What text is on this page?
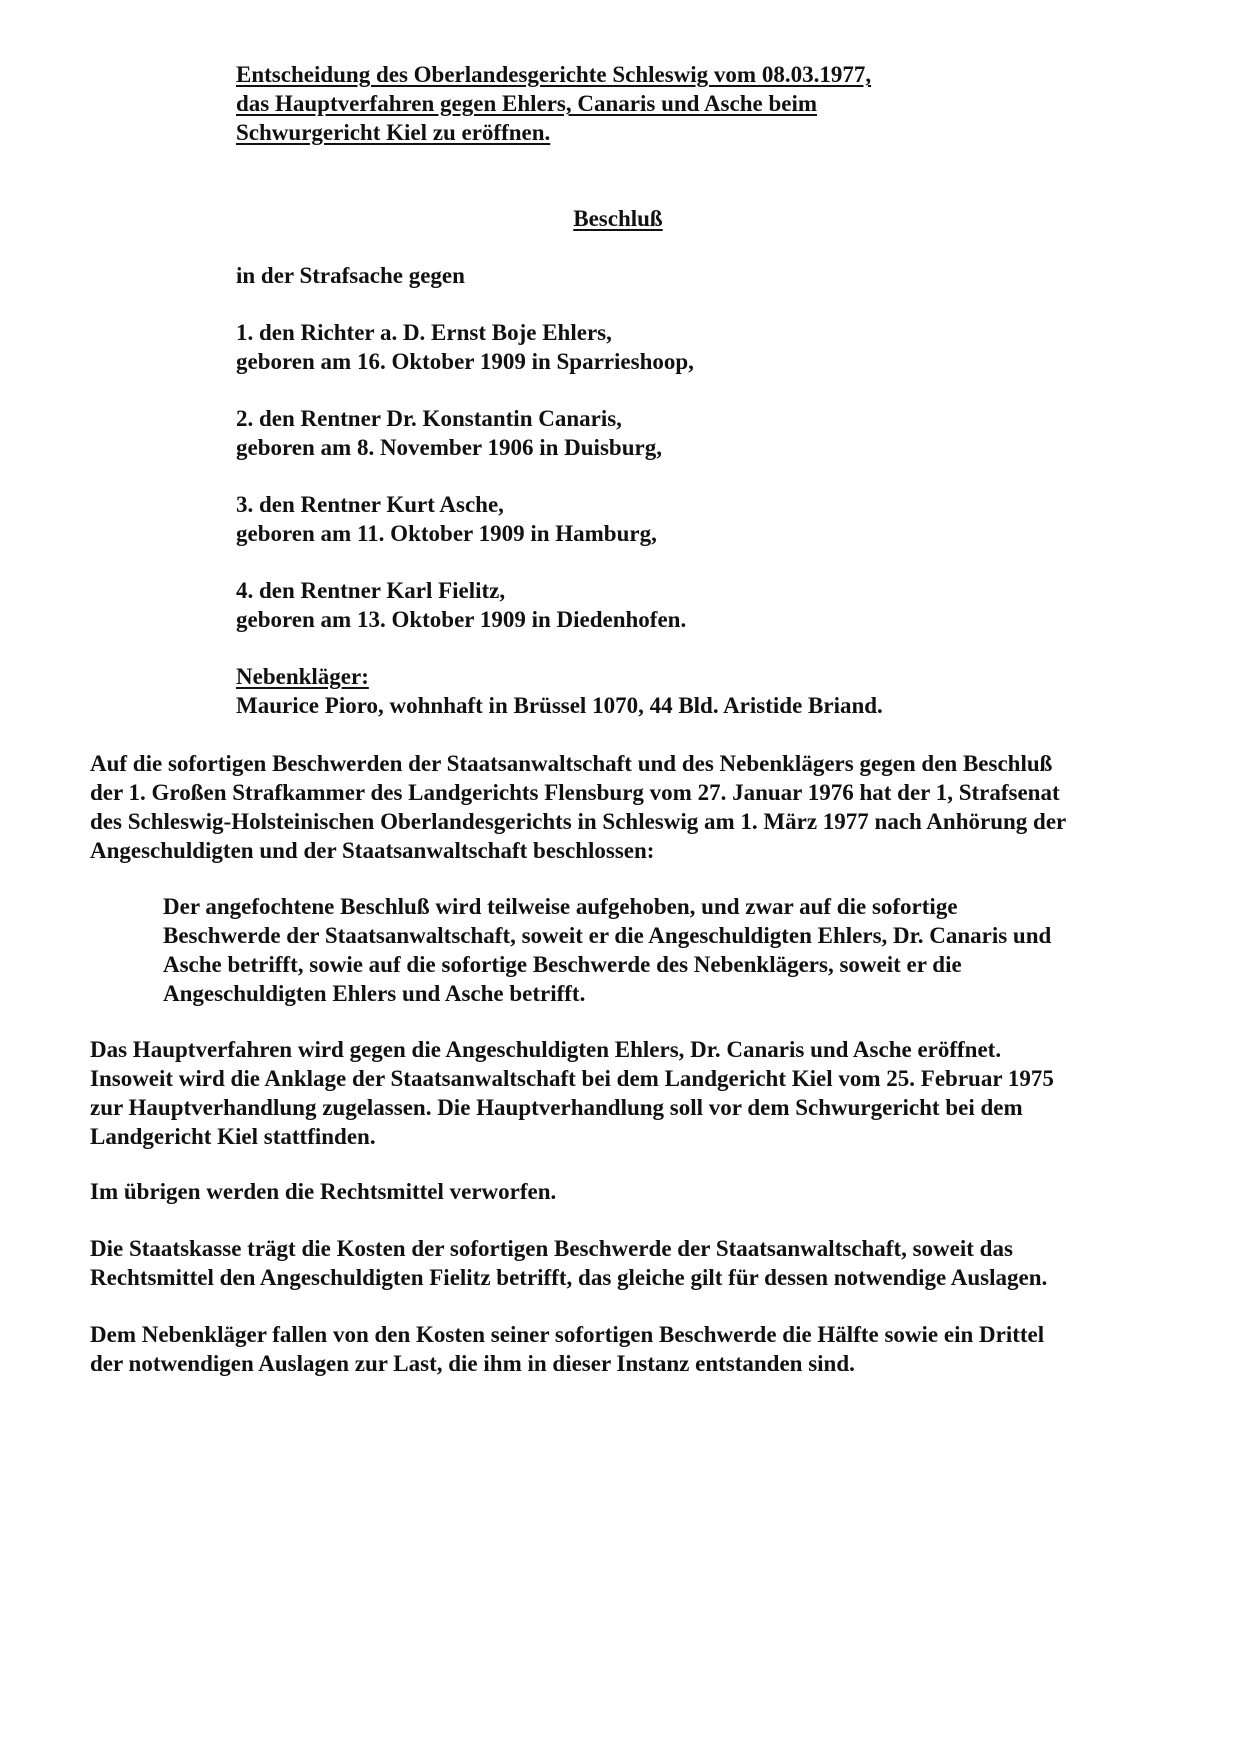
Entscheidung des Oberlandesgerichte Schleswig vom 08.03.1977,
das Hauptverfahren gegen Ehlers, Canaris und Asche beim
Schwurgericht Kiel zu eröffnen.
Beschluß
in der Strafsache gegen
1. den Richter a. D. Ernst Boje Ehlers,
geboren am 16. Oktober 1909 in Sparrieshoop,
2. den Rentner Dr. Konstantin Canaris,
geboren am 8. November 1906 in Duisburg,
3. den Rentner Kurt Asche,
geboren am 11. Oktober 1909 in Hamburg,
4. den Rentner Karl Fielitz,
geboren am 13. Oktober 1909 in Diedenhofen.
Nebenkläger:
Maurice Pioro, wohnhaft in Brüssel 1070, 44 Bld. Aristide Briand.
Auf die sofortigen Beschwerden der Staatsanwaltschaft und des Nebenklägers gegen den Beschluß
der 1. Großen Strafkammer des Landgerichts Flensburg vom 27. Januar 1976 hat der 1, Strafsenat
des Schleswig-Holsteinischen Oberlandesgerichts in Schleswig am 1. März 1977 nach Anhörung der
Angeschuldigten und der Staatsanwaltschaft beschlossen:
Der angefochtene Beschluß wird teilweise aufgehoben, und zwar auf die sofortige
Beschwerde der Staatsanwaltschaft, soweit er die Angeschuldigten Ehlers, Dr. Canaris und
Asche betrifft, sowie auf die sofortige Beschwerde des Nebenklägers, soweit er die
Angeschuldigten Ehlers und Asche betrifft.
Das Hauptverfahren wird gegen die Angeschuldigten Ehlers, Dr. Canaris und Asche eröffnet.
Insoweit wird die Anklage der Staatsanwaltschaft bei dem Landgericht Kiel vom 25. Februar 1975
zur Hauptverhandlung zugelassen. Die Hauptverhandlung soll vor dem Schwurgericht bei dem
Landgericht Kiel stattfinden.
Im übrigen werden die Rechtsmittel verworfen.
Die Staatskasse trägt die Kosten der sofortigen Beschwerde der Staatsanwaltschaft, soweit das
Rechtsmittel den Angeschuldigten Fielitz betrifft, das gleiche gilt für dessen notwendige Auslagen.
Dem Nebenkläger fallen von den Kosten seiner sofortigen Beschwerde die Hälfte sowie ein Drittel
der notwendigen Auslagen zur Last, die ihm in dieser Instanz entstanden sind.
